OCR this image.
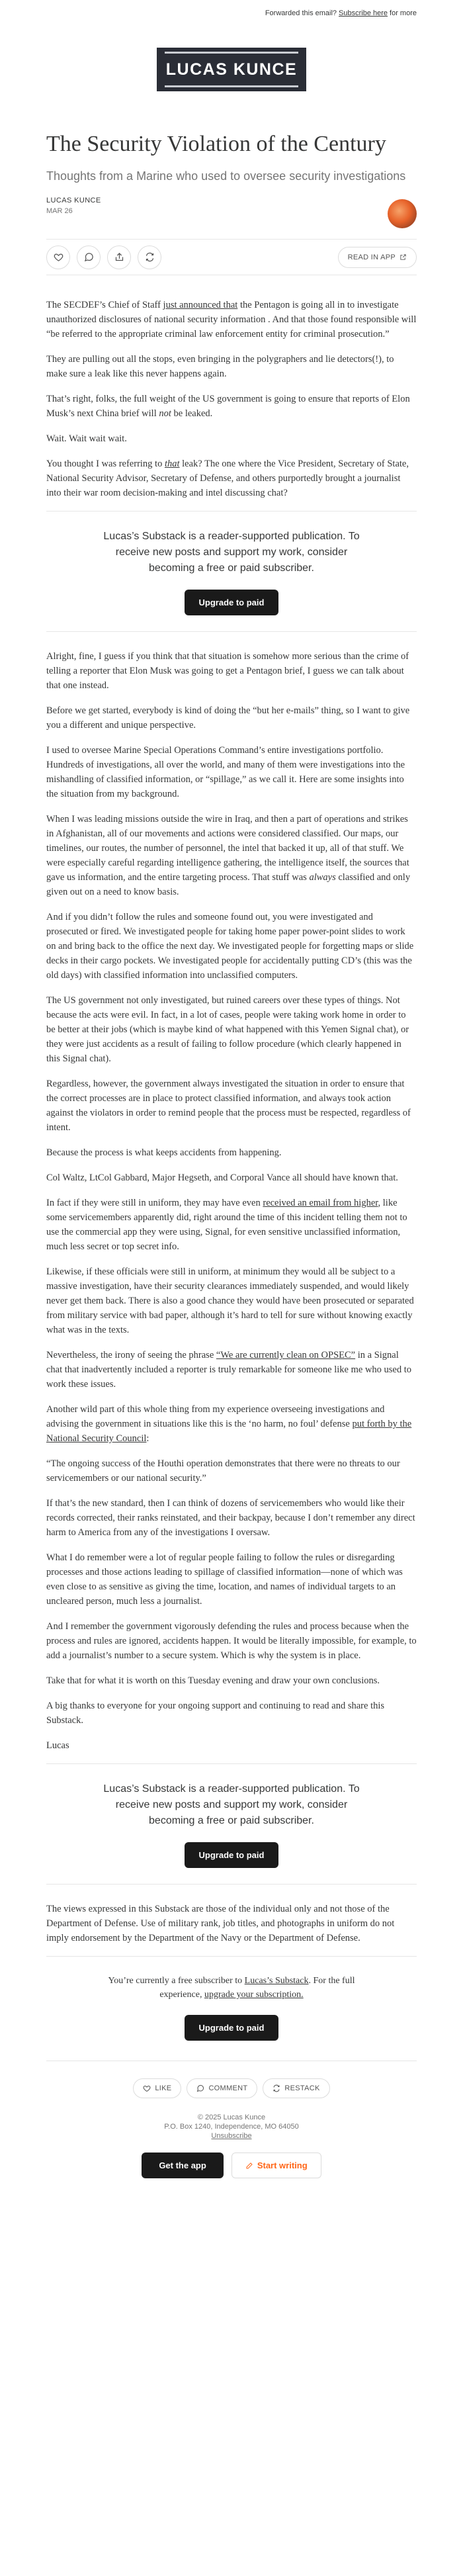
Forwarded this email? Subscribe here for more
LUCAS KUNCE
The Security Violation of the Century
Thoughts from a Marine who used to oversee security investigations
LUCAS KUNCE
MAR 26
READ IN APP

The SECDEF’s Chief of Staff just announced that the Pentagon is going all in to investigate unauthorized disclosures of national security information . And that those found responsible will “be referred to the appropriate criminal law enforcement entity for criminal prosecution.”

They are pulling out all the stops, even bringing in the polygraphers and lie detectors(!), to make sure a leak like this never happens again.

That’s right, folks, the full weight of the US government is going to ensure that reports of Elon Musk’s next China brief will not be leaked.

Wait. Wait wait wait.

You thought I was referring to that leak? The one where the Vice President, Secretary of State, National Security Advisor, Secretary of Defense, and others purportedly brought a journalist into their war room decision-making and intel discussing chat?

Lucas’s Substack is a reader-supported publication. To receive new posts and support my work, consider becoming a free or paid subscriber.
Upgrade to paid

Alright, fine, I guess if you think that that situation is somehow more serious than the crime of telling a reporter that Elon Musk was going to get a Pentagon brief, I guess we can talk about that one instead.

Before we get started, everybody is kind of doing the “but her e-mails” thing, so I want to give you a different and unique perspective.

I used to oversee Marine Special Operations Command’s entire investigations portfolio. Hundreds of investigations, all over the world, and many of them were investigations into the mishandling of classified information, or “spillage,” as we call it. Here are some insights into the situation from my background.

When I was leading missions outside the wire in Iraq, and then a part of operations and strikes in Afghanistan, all of our movements and actions were considered classified. Our maps, our timelines, our routes, the number of personnel, the intel that backed it up, all of that stuff. We were especially careful regarding intelligence gathering, the intelligence itself, the sources that gave us information, and the entire targeting process. That stuff was always classified and only given out on a need to know basis.

And if you didn’t follow the rules and someone found out, you were investigated and prosecuted or fired. We investigated people for taking home paper power-point slides to work on and bring back to the office the next day. We investigated people for forgetting maps or slide decks in their cargo pockets. We investigated people for accidentally putting CD’s (this was the old days) with classified information into unclassified computers.

The US government not only investigated, but ruined careers over these types of things. Not because the acts were evil. In fact, in a lot of cases, people were taking work home in order to be better at their jobs (which is maybe kind of what happened with this Yemen Signal chat), or they were just accidents as a result of failing to follow procedure (which clearly happened in this Signal chat).

Regardless, however, the government always investigated the situation in order to ensure that the correct processes are in place to protect classified information, and always took action against the violators in order to remind people that the process must be respected, regardless of intent.

Because the process is what keeps accidents from happening.

Col Waltz, LtCol Gabbard, Major Hegseth, and Corporal Vance all should have known that.

In fact if they were still in uniform, they may have even received an email from higher, like some servicemembers apparently did, right around the time of this incident telling them not to use the commercial app they were using, Signal, for even sensitive unclassified information, much less secret or top secret info.

Likewise, if these officials were still in uniform, at minimum they would all be subject to a massive investigation, have their security clearances immediately suspended, and would likely never get them back. There is also a good chance they would have been prosecuted or separated from military service with bad paper, although it’s hard to tell for sure without knowing exactly what was in the texts.

Nevertheless, the irony of seeing the phrase “We are currently clean on OPSEC” in a Signal chat that inadvertently included a reporter is truly remarkable for someone like me who used to work these issues.

Another wild part of this whole thing from my experience overseeing investigations and advising the government in situations like this is the ‘no harm, no foul’ defense put forth by the National Security Council:

“The ongoing success of the Houthi operation demonstrates that there were no threats to our servicemembers or our national security.”

If that’s the new standard, then I can think of dozens of servicemembers who would like their records corrected, their ranks reinstated, and their backpay, because I don’t remember any direct harm to America from any of the investigations I oversaw.

What I do remember were a lot of regular people failing to follow the rules or disregarding processes and those actions leading to spillage of classified information—none of which was even close to as sensitive as giving the time, location, and names of individual targets to an uncleared person, much less a journalist.

And I remember the government vigorously defending the rules and process because when the process and rules are ignored, accidents happen. It would be literally impossible, for example, to add a journalist’s number to a secure system. Which is why the system is in place.

Take that for what it is worth on this Tuesday evening and draw your own conclusions.

A big thanks to everyone for your ongoing support and continuing to read and share this Substack.

Lucas

Lucas’s Substack is a reader-supported publication. To receive new posts and support my work, consider becoming a free or paid subscriber.
Upgrade to paid

The views expressed in this Substack are those of the individual only and not those of the Department of Defense. Use of military rank, job titles, and photographs in uniform do not imply endorsement by the Department of the Navy or the Department of Defense.

You’re currently a free subscriber to Lucas’s Substack. For the full experience, upgrade your subscription.
Upgrade to paid
LIKE	COMMENT	RESTACK
© 2025 Lucas Kunce
P.O. Box 1240, Independence, MO 64050
Unsubscribe
Get the app	Start writing
